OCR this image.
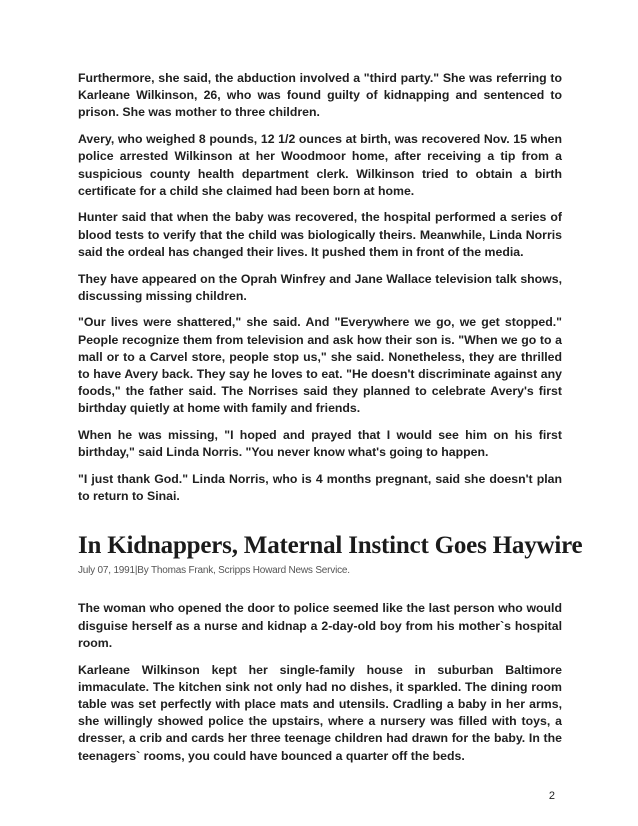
Furthermore, she said, the abduction involved a "third party." She was referring to Karleane Wilkinson, 26, who was found guilty of kidnapping and sentenced to prison. She was mother to three children.

Avery, who weighed 8 pounds, 12 1/2 ounces at birth, was recovered Nov. 15 when police arrested Wilkinson at her Woodmoor home, after receiving a tip from a suspicious county health department clerk. Wilkinson tried to obtain a birth certificate for a child she claimed had been born at home.

Hunter said that when the baby was recovered, the hospital performed a series of blood tests to verify that the child was biologically theirs. Meanwhile, Linda Norris said the ordeal has changed their lives. It pushed them in front of the media.

They have appeared on the Oprah Winfrey and Jane Wallace television talk shows, discussing missing children.

"Our lives were shattered," she said. And "Everywhere we go, we get stopped." People recognize them from television and ask how their son is. "When we go to a mall or to a Carvel store, people stop us," she said. Nonetheless, they are thrilled to have Avery back. They say he loves to eat. "He doesn't discriminate against any foods," the father said. The Norrises said they planned to celebrate Avery's first birthday quietly at home with family and friends.

When he was missing, "I hoped and prayed that I would see him on his first birthday," said Linda Norris. "You never know what's going to happen.

"I just thank God." Linda Norris, who is 4 months pregnant, said she doesn't plan to return to Sinai.

In Kidnappers, Maternal Instinct Goes Haywire
July 07, 1991|By Thomas Frank, Scripps Howard News Service.

The woman who opened the door to police seemed like the last person who would disguise herself as a nurse and kidnap a 2-day-old boy from his mother`s hospital room.

Karleane Wilkinson kept her single-family house in suburban Baltimore immaculate. The kitchen sink not only had no dishes, it sparkled. The dining room table was set perfectly with place mats and utensils. Cradling a baby in her arms, she willingly showed police the upstairs, where a nursery was filled with toys, a dresser, a crib and cards her three teenage children had drawn for the baby. In the teenagers` rooms, you could have bounced a quarter off the beds.

2
